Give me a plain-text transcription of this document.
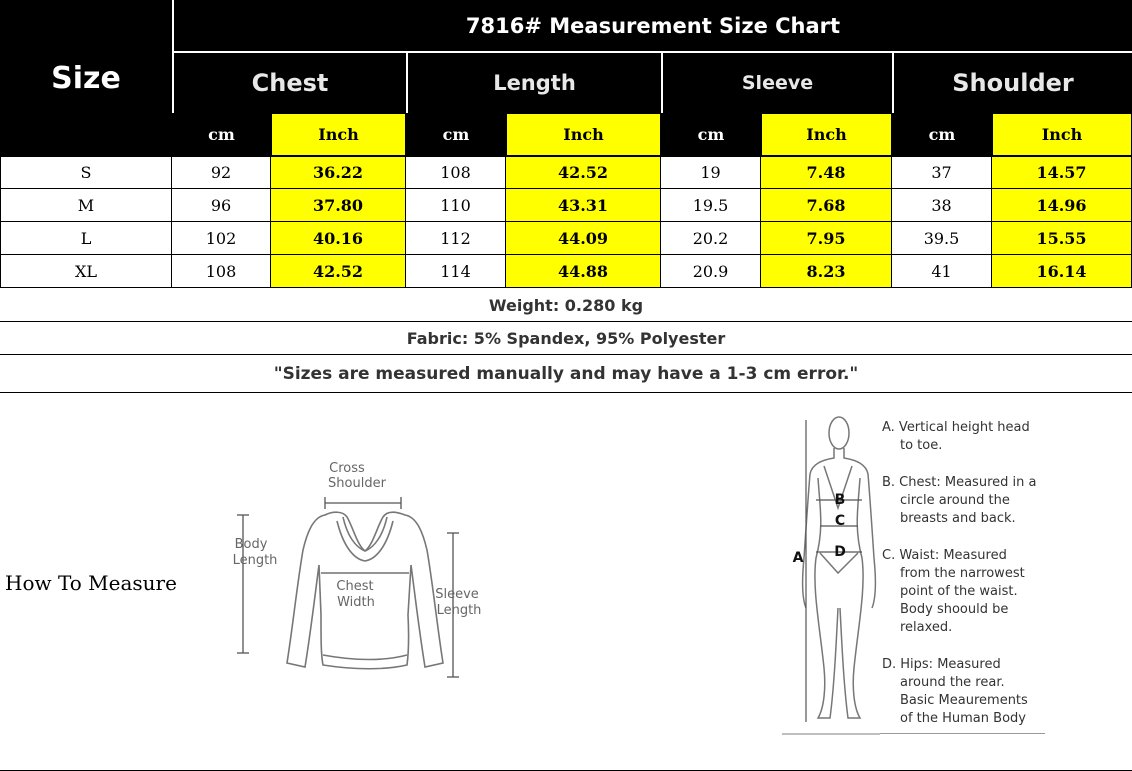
Size
7816# Measurement Size Chart
Chest	Length	Sleeve	Shoulder
cm	Inch	cm	Inch	cm	Inch	cm	Inch
S	92	36.22	108	42.52	19	7.48	37	14.57
M	96	37.80	110	43.31	19.5	7.68	38	14.96
L	102	40.16	112	44.09	20.2	7.95	39.5	15.55
XL	108	42.52	114	44.88	20.9	8.23	41	16.14
Weight: 0.280 kg
Fabric: 5% Spandex, 95% Polyester
"Sizes are measured manually and may have a 1-3 cm error."
How To Measure
Cross
Shoulder
Body
Length
Chest
Width
Sleeve
Length
A
B
C
D
A. Vertical height head
to toe.
B. Chest: Measured in a
circle around the
breasts and back.
C. Waist: Measured
from the narrowest
point of the waist.
Body shoould be
relaxed.
D. Hips: Measured
around the rear.
Basic Meaurements
of the Human Body
